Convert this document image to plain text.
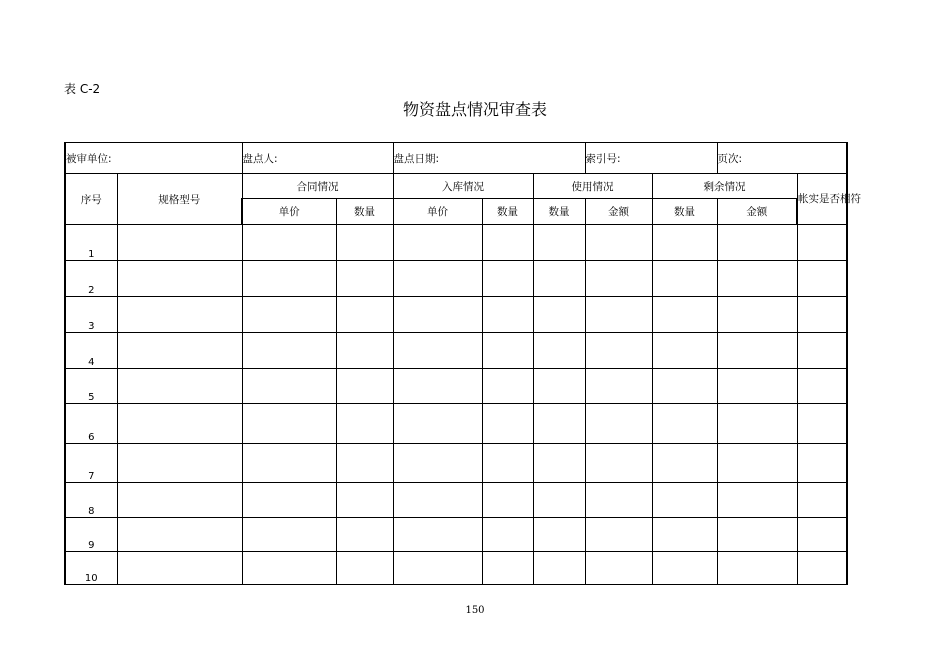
表 C-2
物资盘点情况审查表
被审单位:		盘点人:		盘点日期:			索引号:		页次:	
序号	规格型号	合同情况		入库情况		使用情况		剩余情况		帐实是否相符
		单价	数量	单价	数量	数量	金额	数量	金额	
1										
2										
3										
4										
5										
6										
7										
8										
9										
10										
150
